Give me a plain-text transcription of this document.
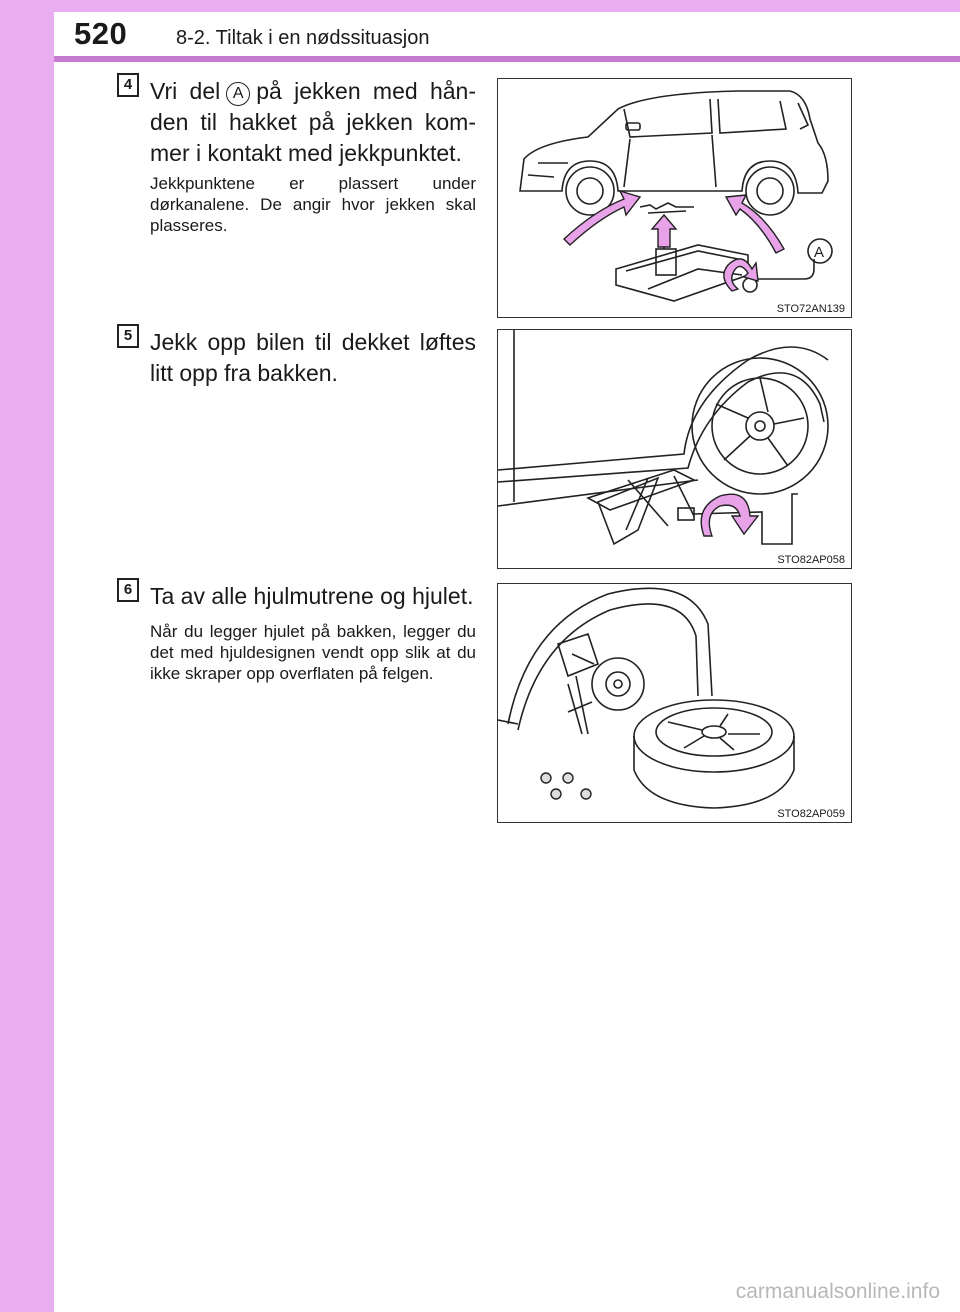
520 8-2. Tiltak i en nødssituasjon
4 Vri del A på jekken med hån-den til hakket på jekken kom-mer i kontakt med jekkpunktet.
Jekkpunktene er plassert under dørkanalene. De angir hvor jekken skal plasseres.
A
STO72AN139
5 Jekk opp bilen til dekket løftes litt opp fra bakken.
STO82AP058
6 Ta av alle hjulmutrene og hjulet.
Når du legger hjulet på bakken, legger du det med hjuldesignen vendt opp slik at du ikke skraper opp overflaten på felgen.
STO82AP059
carmanualsonline.info
